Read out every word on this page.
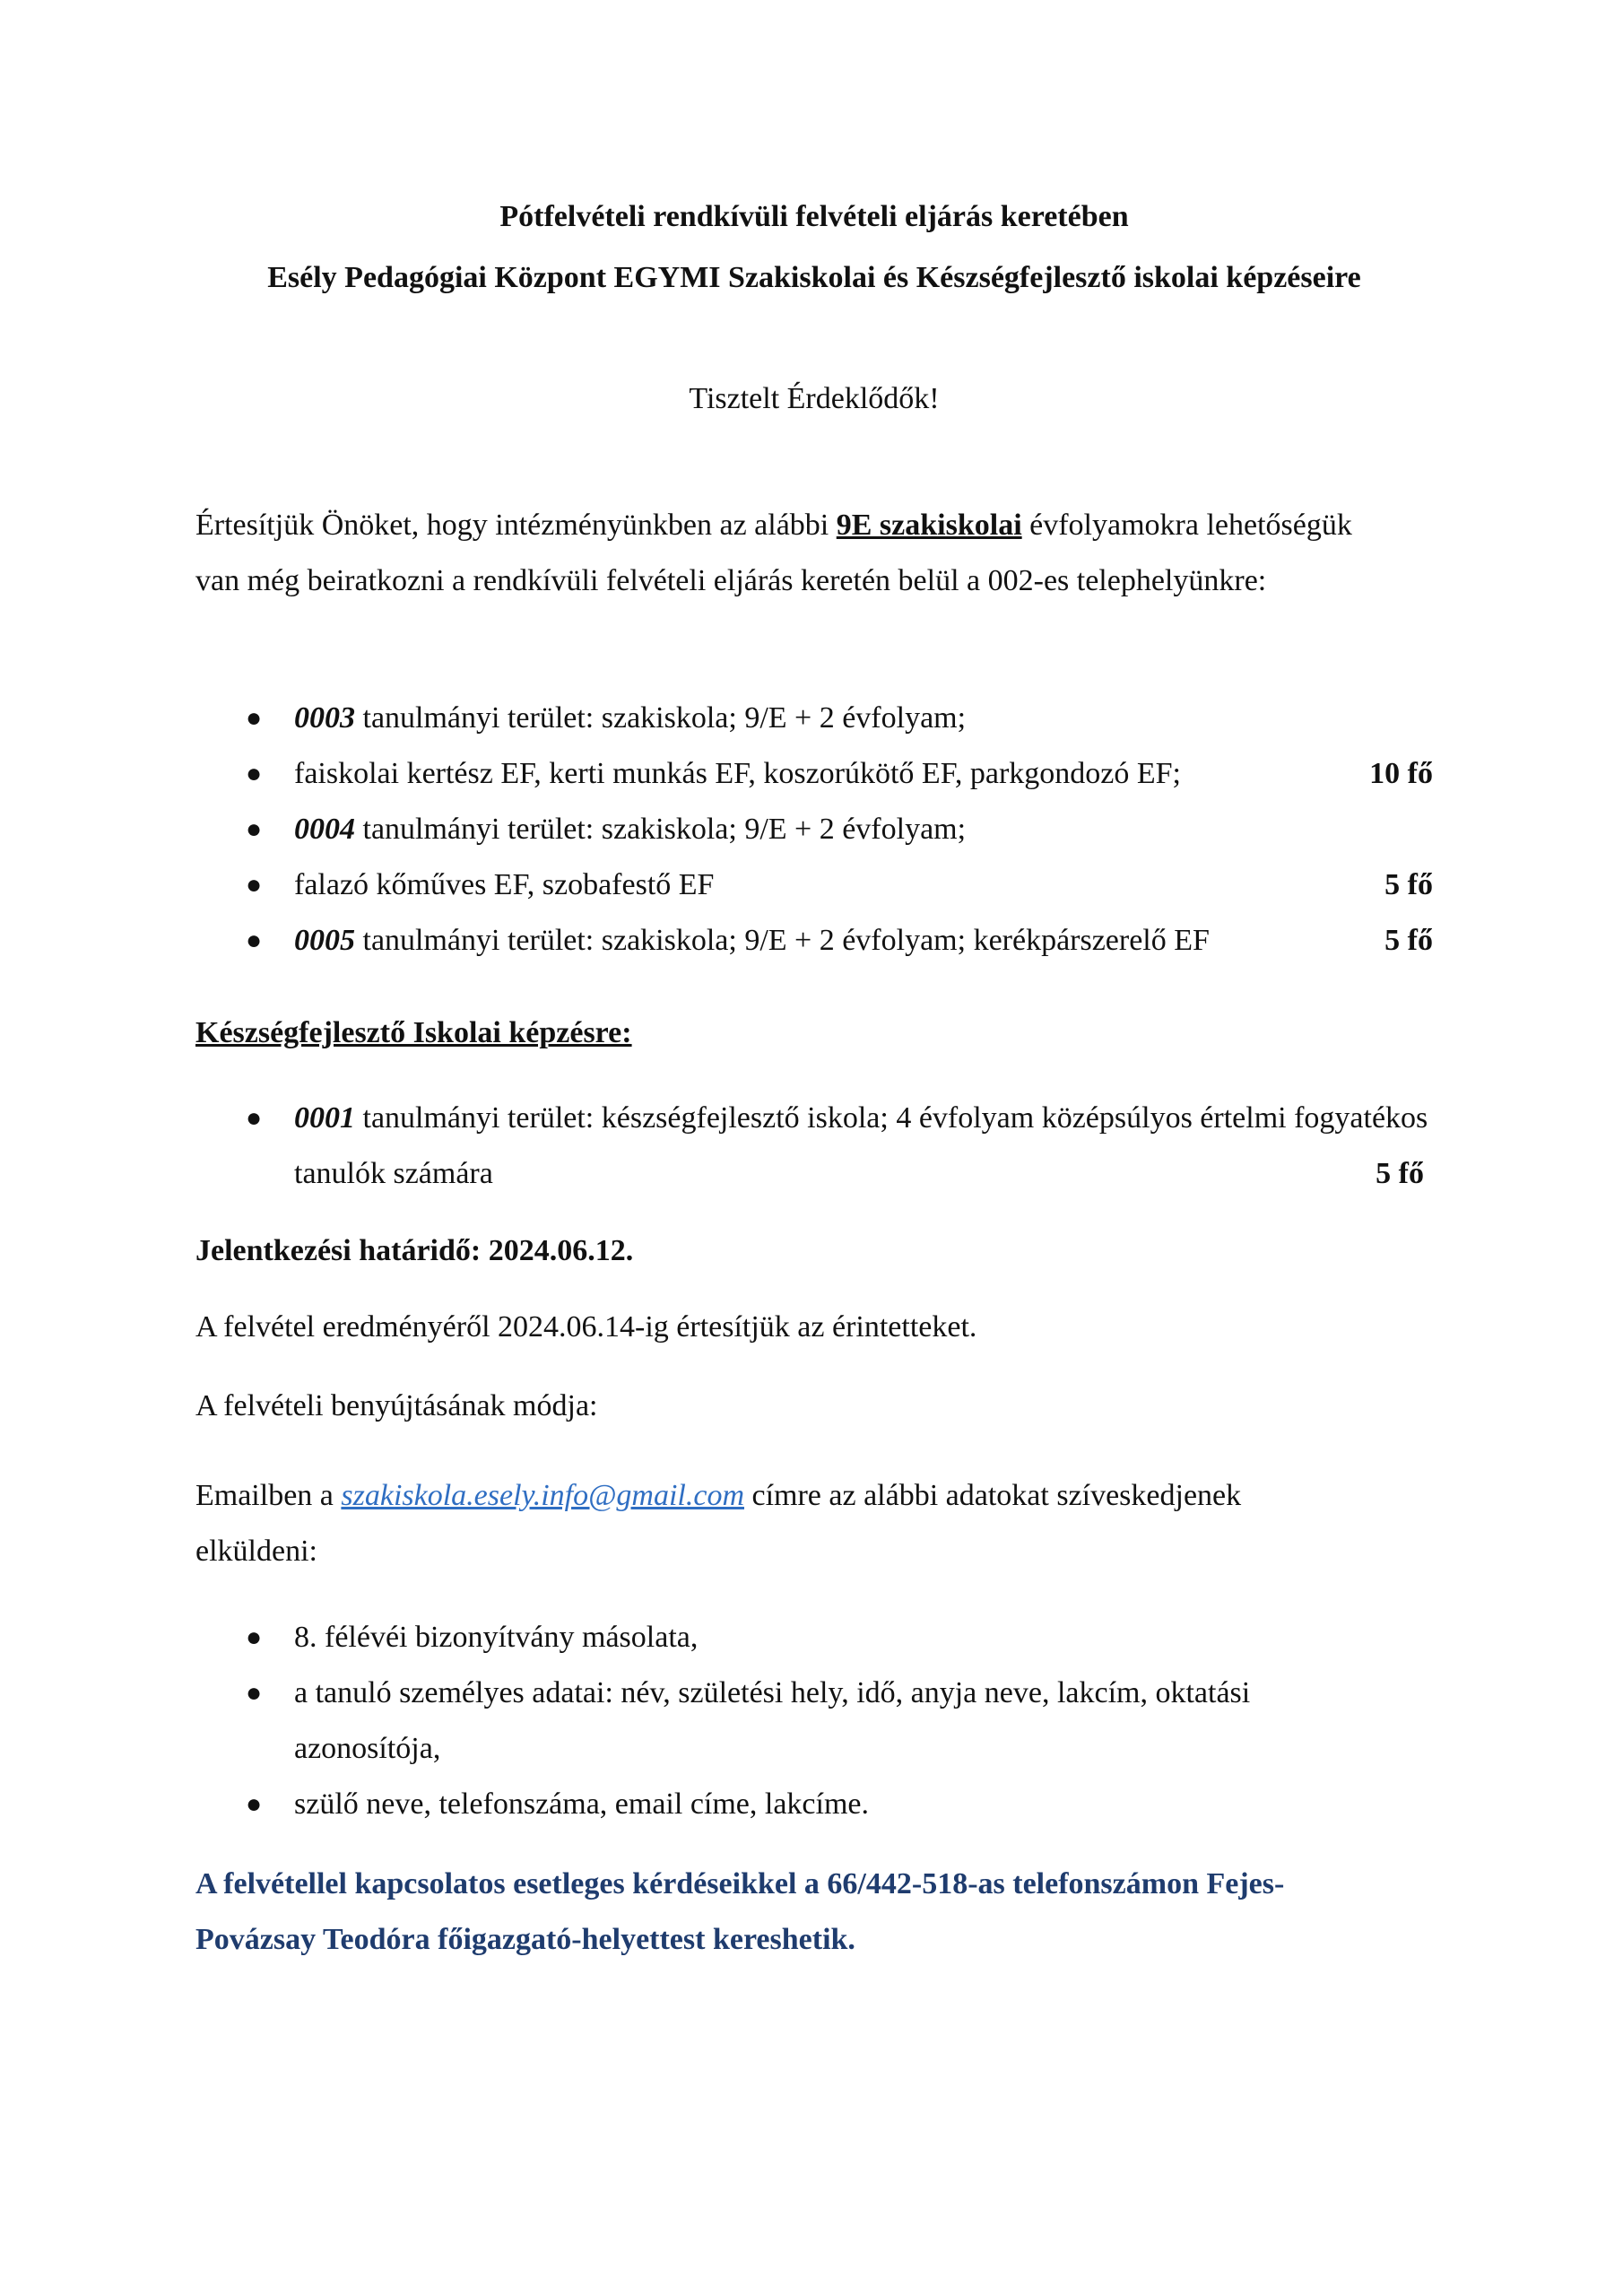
Pótfelvételi rendkívüli felvételi eljárás keretében

Esély Pedagógiai Központ EGYMI Szakiskolai és Készségfejlesztő iskolai képzéseire

Tisztelt Érdeklődők!
Értesítjük Önöket, hogy intézményünkben az alábbi 9E szakiskolai évfolyamokra lehetőségük van még beiratkozni a rendkívüli felvételi eljárás keretén belül a 002-es telephelyünkre:
● 0003 tanulmányi terület: szakiskola; 9/E + 2 évfolyam;
● faiskolai kertész EF, kerti munkás EF, koszorúkötő EF, parkgondozó EF;	10 fő
● 0004 tanulmányi terület: szakiskola; 9/E + 2 évfolyam;
● falazó kőműves EF, szobafestő EF	5 fő
● 0005 tanulmányi terület: szakiskola; 9/E + 2 évfolyam; kerékpárszerelő EF	5 fő
Készségfejlesztő Iskolai képzésre:
● 0001 tanulmányi terület: készségfejlesztő iskola; 4 évfolyam középsúlyos értelmi fogyatékos tanulók számára	5 fő
Jelentkezési határidő: 2024.06.12.
A felvétel eredményéről 2024.06.14-ig értesítjük az érintetteket.
A felvételi benyújtásának módja:
Emailben a szakiskola.esely.info@gmail.com címre az alábbi adatokat szíveskedjenek elküldeni:
● 8. félévéi bizonyítvány másolata,
● a tanuló személyes adatai: név, születési hely, idő, anyja neve, lakcím, oktatási azonosítója,
● szülő neve, telefonszáma, email címe, lakcíme.
A felvétellel kapcsolatos esetleges kérdéseikkel a 66/442-518-as telefonszámon Fejes-Povázsay Teodóra főigazgató-helyettest kereshetik.
